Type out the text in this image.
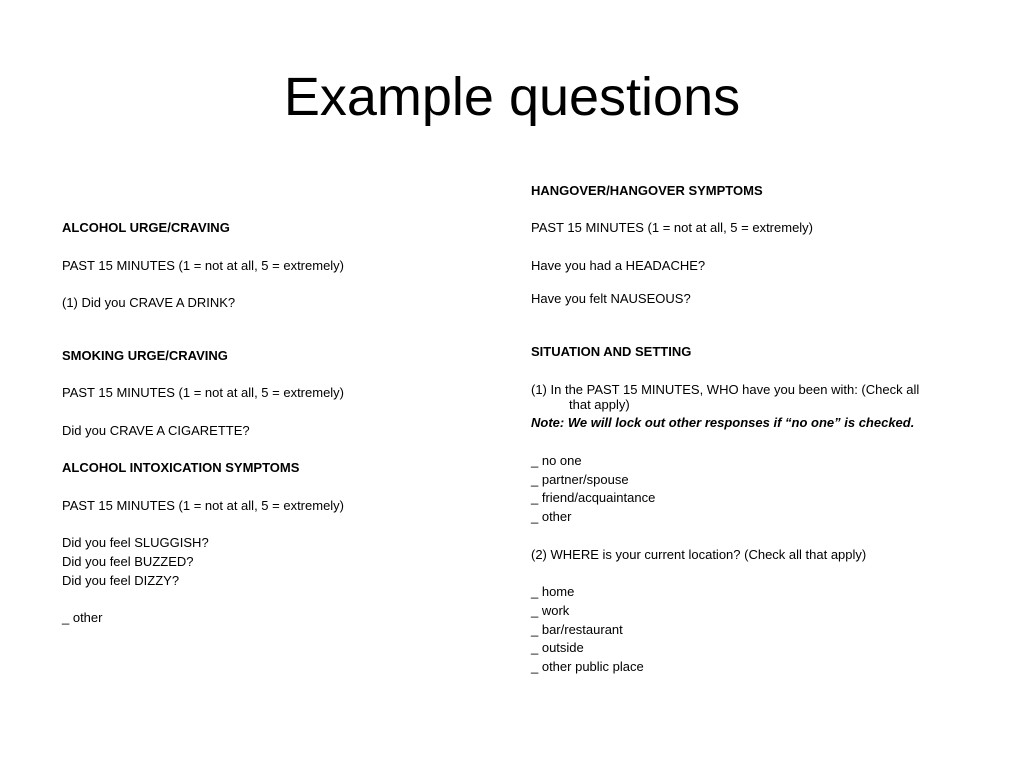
Example questions

ALCOHOL URGE/CRAVING

PAST 15 MINUTES (1 = not at all, 5 = extremely)

(1) Did you CRAVE A DRINK?

SMOKING URGE/CRAVING

PAST 15 MINUTES (1 = not at all, 5 = extremely)

Did you CRAVE A CIGARETTE?

ALCOHOL INTOXICATION SYMPTOMS

PAST 15 MINUTES (1 = not at all, 5 = extremely)

Did you feel SLUGGISH?

Did you feel BUZZED?

Did you feel DIZZY?

_ other

HANGOVER/HANGOVER SYMPTOMS

PAST 15 MINUTES (1 = not at all, 5 = extremely)

Have you had a HEADACHE?

Have you felt NAUSEOUS?

SITUATION AND SETTING

(1) In the PAST 15 MINUTES, WHO have you been with: (Check all

that apply)

Note: We will lock out other responses if “no one” is checked.

_ no one

_ partner/spouse

_ friend/acquaintance

_ other

(2) WHERE is your current location? (Check all that apply)

_ home

_ work

_ bar/restaurant

_ outside

_ other public place
